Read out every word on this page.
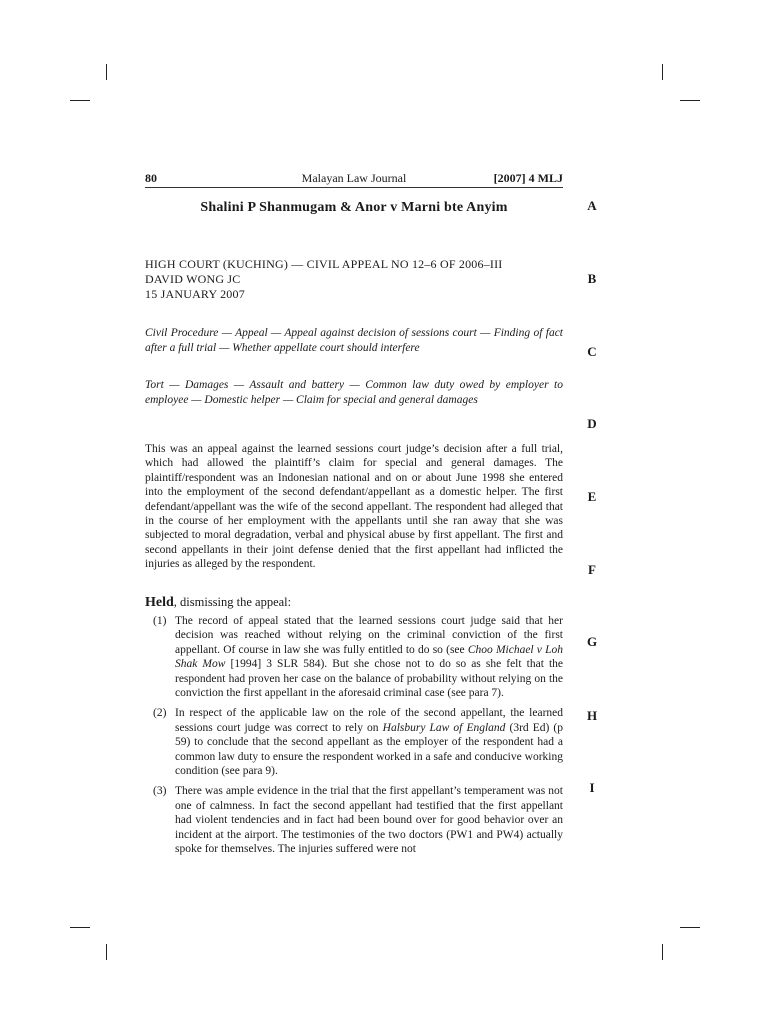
80	Malayan Law Journal	[2007] 4 MLJ
Shalini P Shanmugam & Anor v Marni bte Anyim
HIGH COURT (KUCHING) — CIVIL APPEAL NO 12–6 OF 2006–III
DAVID WONG JC
15 JANUARY 2007
Civil Procedure — Appeal — Appeal against decision of sessions court — Finding of fact after a full trial — Whether appellate court should interfere
Tort — Damages — Assault and battery — Common law duty owed by employer to employee — Domestic helper — Claim for special and general damages

This was an appeal against the learned sessions court judge’s decision after a full trial, which had allowed the plaintiff’s claim for special and general damages. The plaintiff/respondent was an Indonesian national and on or about June 1998 she entered into the employment of the second defendant/appellant as a domestic helper. The first defendant/appellant was the wife of the second appellant. The respondent had alleged that in the course of her employment with the appellants until she ran away that she was subjected to moral degradation, verbal and physical abuse by first appellant. The first and second appellants in their joint defense denied that the first appellant had inflicted the injuries as alleged by the respondent.

Held, dismissing the appeal:
(1) The record of appeal stated that the learned sessions court judge said that her decision was reached without relying on the criminal conviction of the first appellant. Of course in law she was fully entitled to do so (see Choo Michael v Loh Shak Mow [1994] 3 SLR 584). But she chose not to do so as she felt that the respondent had proven her case on the balance of probability without relying on the conviction the first appellant in the aforesaid criminal case (see para 7).
(2) In respect of the applicable law on the role of the second appellant, the learned sessions court judge was correct to rely on Halsbury Law of England (3rd Ed) (p 59) to conclude that the second appellant as the employer of the respondent had a common law duty to ensure the respondent worked in a safe and conducive working condition (see para 9).
(3) There was ample evidence in the trial that the first appellant’s temperament was not one of calmness. In fact the second appellant had testified that the first appellant had violent tendencies and in fact had been bound over for good behavior over an incident at the airport. The testimonies of the two doctors (PW1 and PW4) actually spoke for themselves. The injuries suffered were not
A
B
C
D
E
F
G
H
I
